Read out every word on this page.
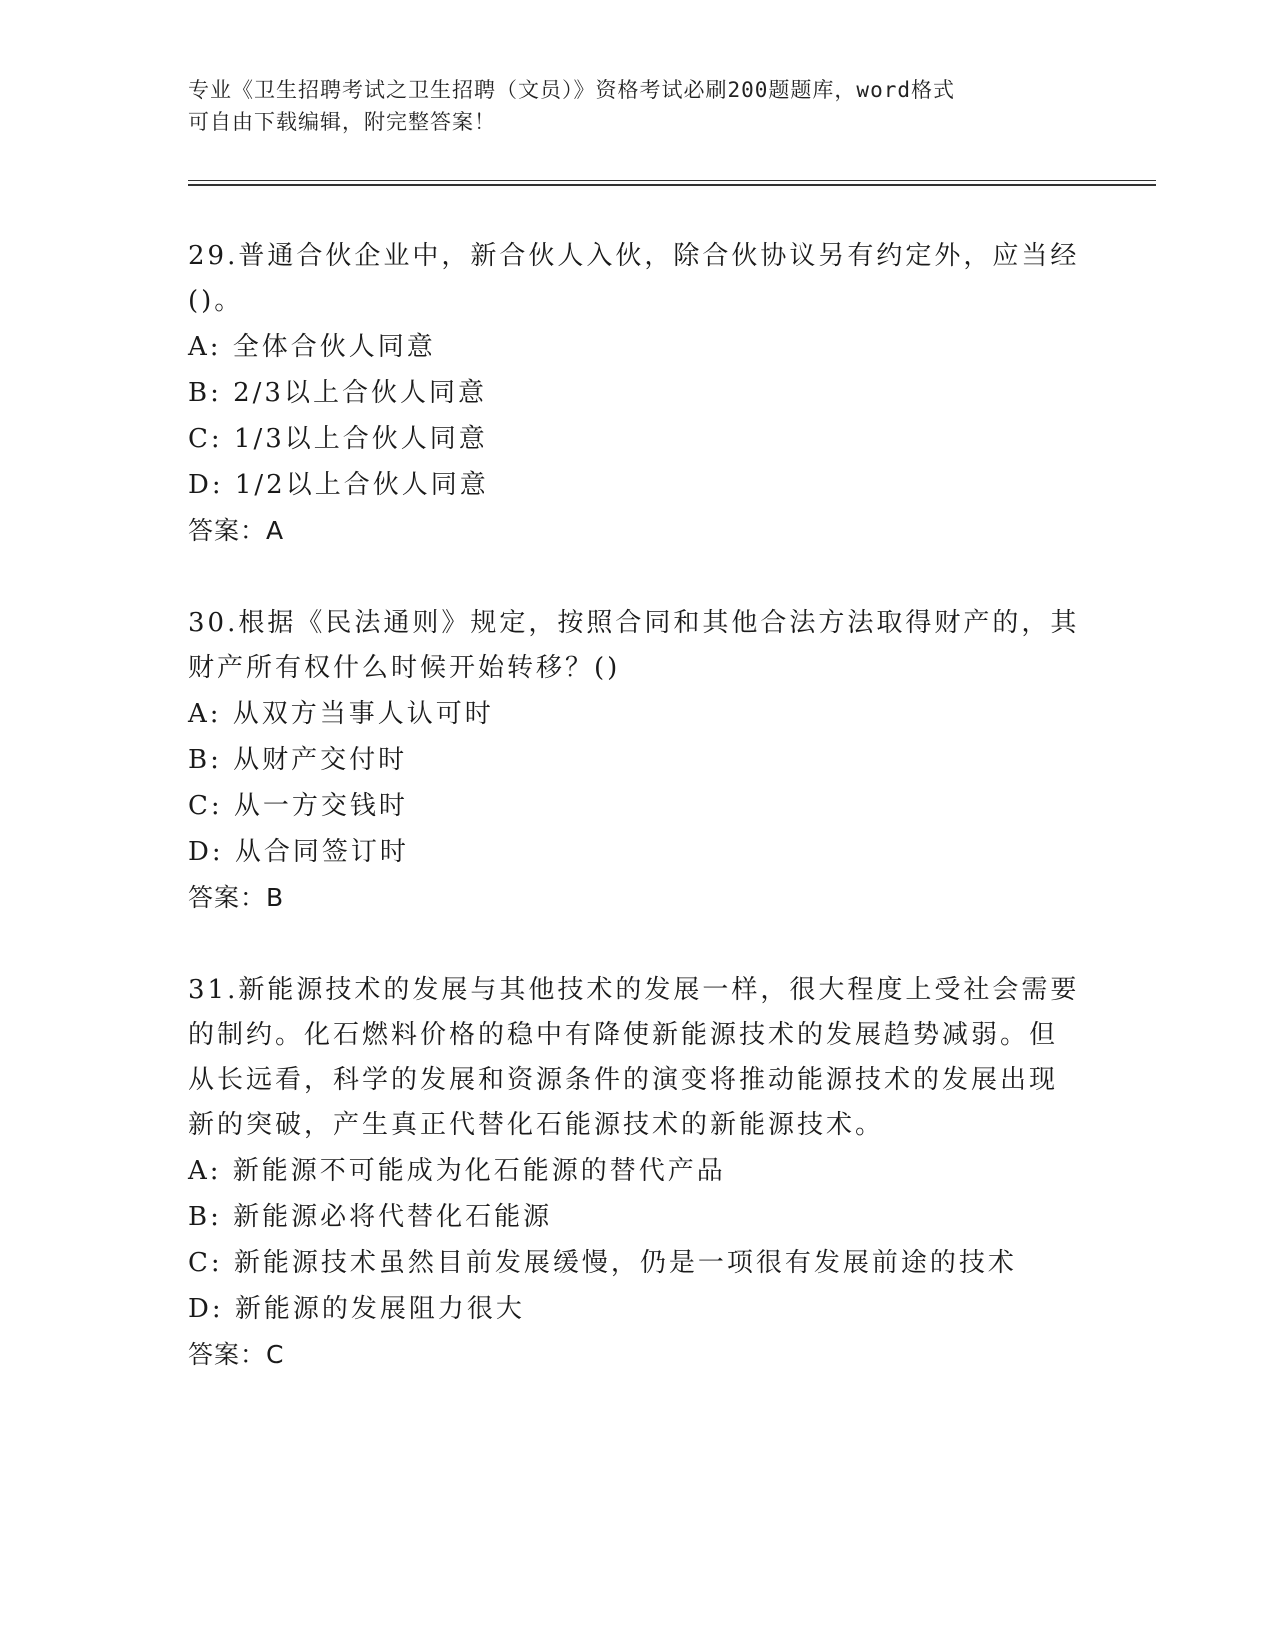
专业《卫生招聘考试之卫生招聘（文员）》资格考试必刷200题题库，word格式
可自由下载编辑，附完整答案！
29.普通合伙企业中，新合伙人入伙，除合伙协议另有约定外，应当经
()。
A: 全体合伙人同意
B: 2/3以上合伙人同意
C: 1/3以上合伙人同意
D: 1/2以上合伙人同意
答案：A
30.根据《民法通则》规定，按照合同和其他合法方法取得财产的，其
财产所有权什么时候开始转移？()
A: 从双方当事人认可时
B: 从财产交付时
C: 从一方交钱时
D: 从合同签订时
答案：B
31.新能源技术的发展与其他技术的发展一样，很大程度上受社会需要
的制约。化石燃料价格的稳中有降使新能源技术的发展趋势减弱。但
从长远看，科学的发展和资源条件的演变将推动能源技术的发展出现
新的突破，产生真正代替化石能源技术的新能源技术。
A: 新能源不可能成为化石能源的替代产品
B: 新能源必将代替化石能源
C: 新能源技术虽然目前发展缓慢，仍是一项很有发展前途的技术
D: 新能源的发展阻力很大
答案：C
